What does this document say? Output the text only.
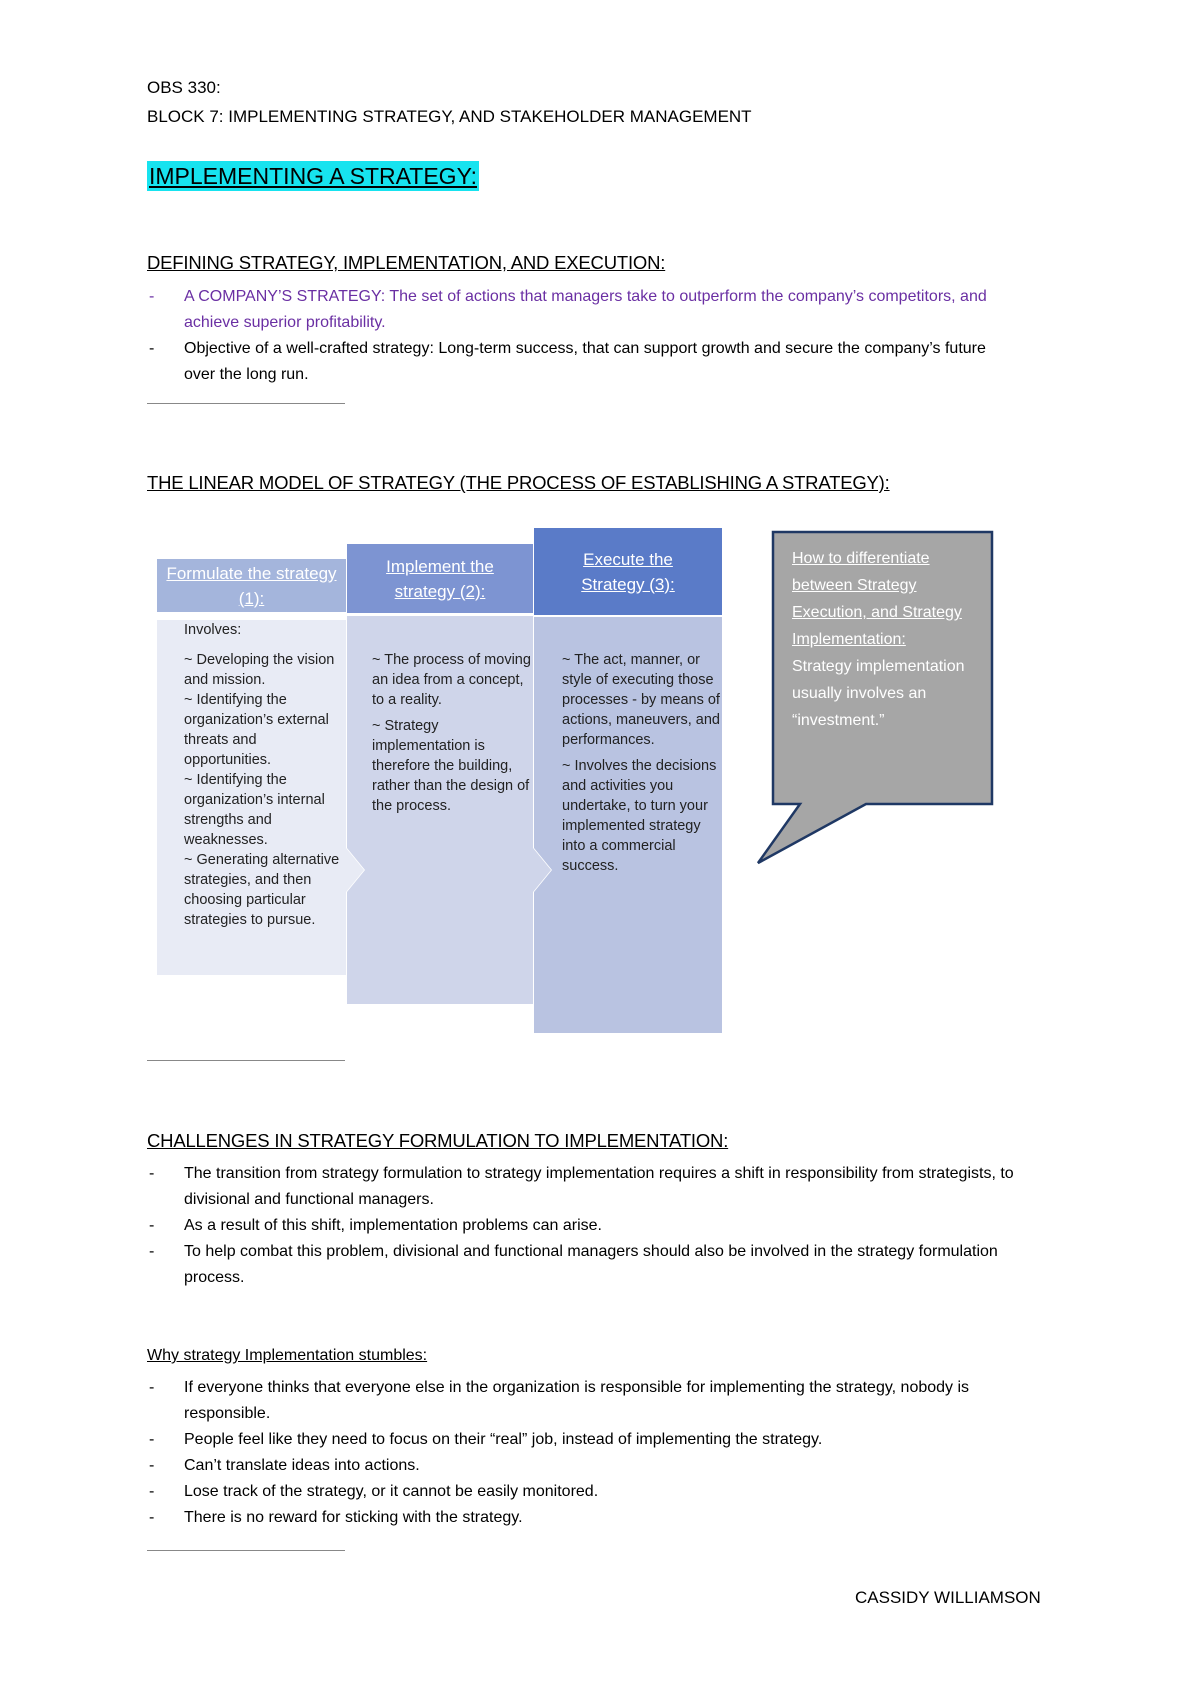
OBS 330:
BLOCK 7: IMPLEMENTING STRATEGY, AND STAKEHOLDER MANAGEMENT
IMPLEMENTING A STRATEGY:
DEFINING STRATEGY, IMPLEMENTATION, AND EXECUTION:
- A COMPANY’S STRATEGY: The set of actions that managers take to outperform the company’s competitors, and achieve superior profitability.
- Objective of a well-crafted strategy: Long-term success, that can support growth and secure the company’s future over the long run.
THE LINEAR MODEL OF STRATEGY (THE PROCESS OF ESTABLISHING A STRATEGY):
Formulate the strategy (1):
Implement the strategy (2):
Execute the Strategy (3):

Involves:

~ Developing the vision and mission.

~ Identifying the organization’s external threats and opportunities.

~ Identifying the organization’s internal strengths and weaknesses.

~ Generating alternative strategies, and then choosing particular strategies to pursue.

~ The process of moving an idea from a concept, to a reality.

~ Strategy implementation is therefore the building, rather than the design of the process.

~ The act, manner, or style of executing those processes - by means of actions, maneuvers, and performances.

~ Involves the decisions and activities you undertake, to turn your implemented strategy into a commercial success.

How to differentiate between Strategy Execution, and Strategy Implementation:
Strategy implementation usually involves an “investment.”
CHALLENGES IN STRATEGY FORMULATION TO IMPLEMENTATION:
- The transition from strategy formulation to strategy implementation requires a shift in responsibility from strategists, to divisional and functional managers.
- As a result of this shift, implementation problems can arise.
- To help combat this problem, divisional and functional managers should also be involved in the strategy formulation process.
Why strategy Implementation stumbles:
- If everyone thinks that everyone else in the organization is responsible for implementing the strategy, nobody is responsible.
- People feel like they need to focus on their “real” job, instead of implementing the strategy.
- Can’t translate ideas into actions.
- Lose track of the strategy, or it cannot be easily monitored.
- There is no reward for sticking with the strategy.
CASSIDY WILLIAMSON
